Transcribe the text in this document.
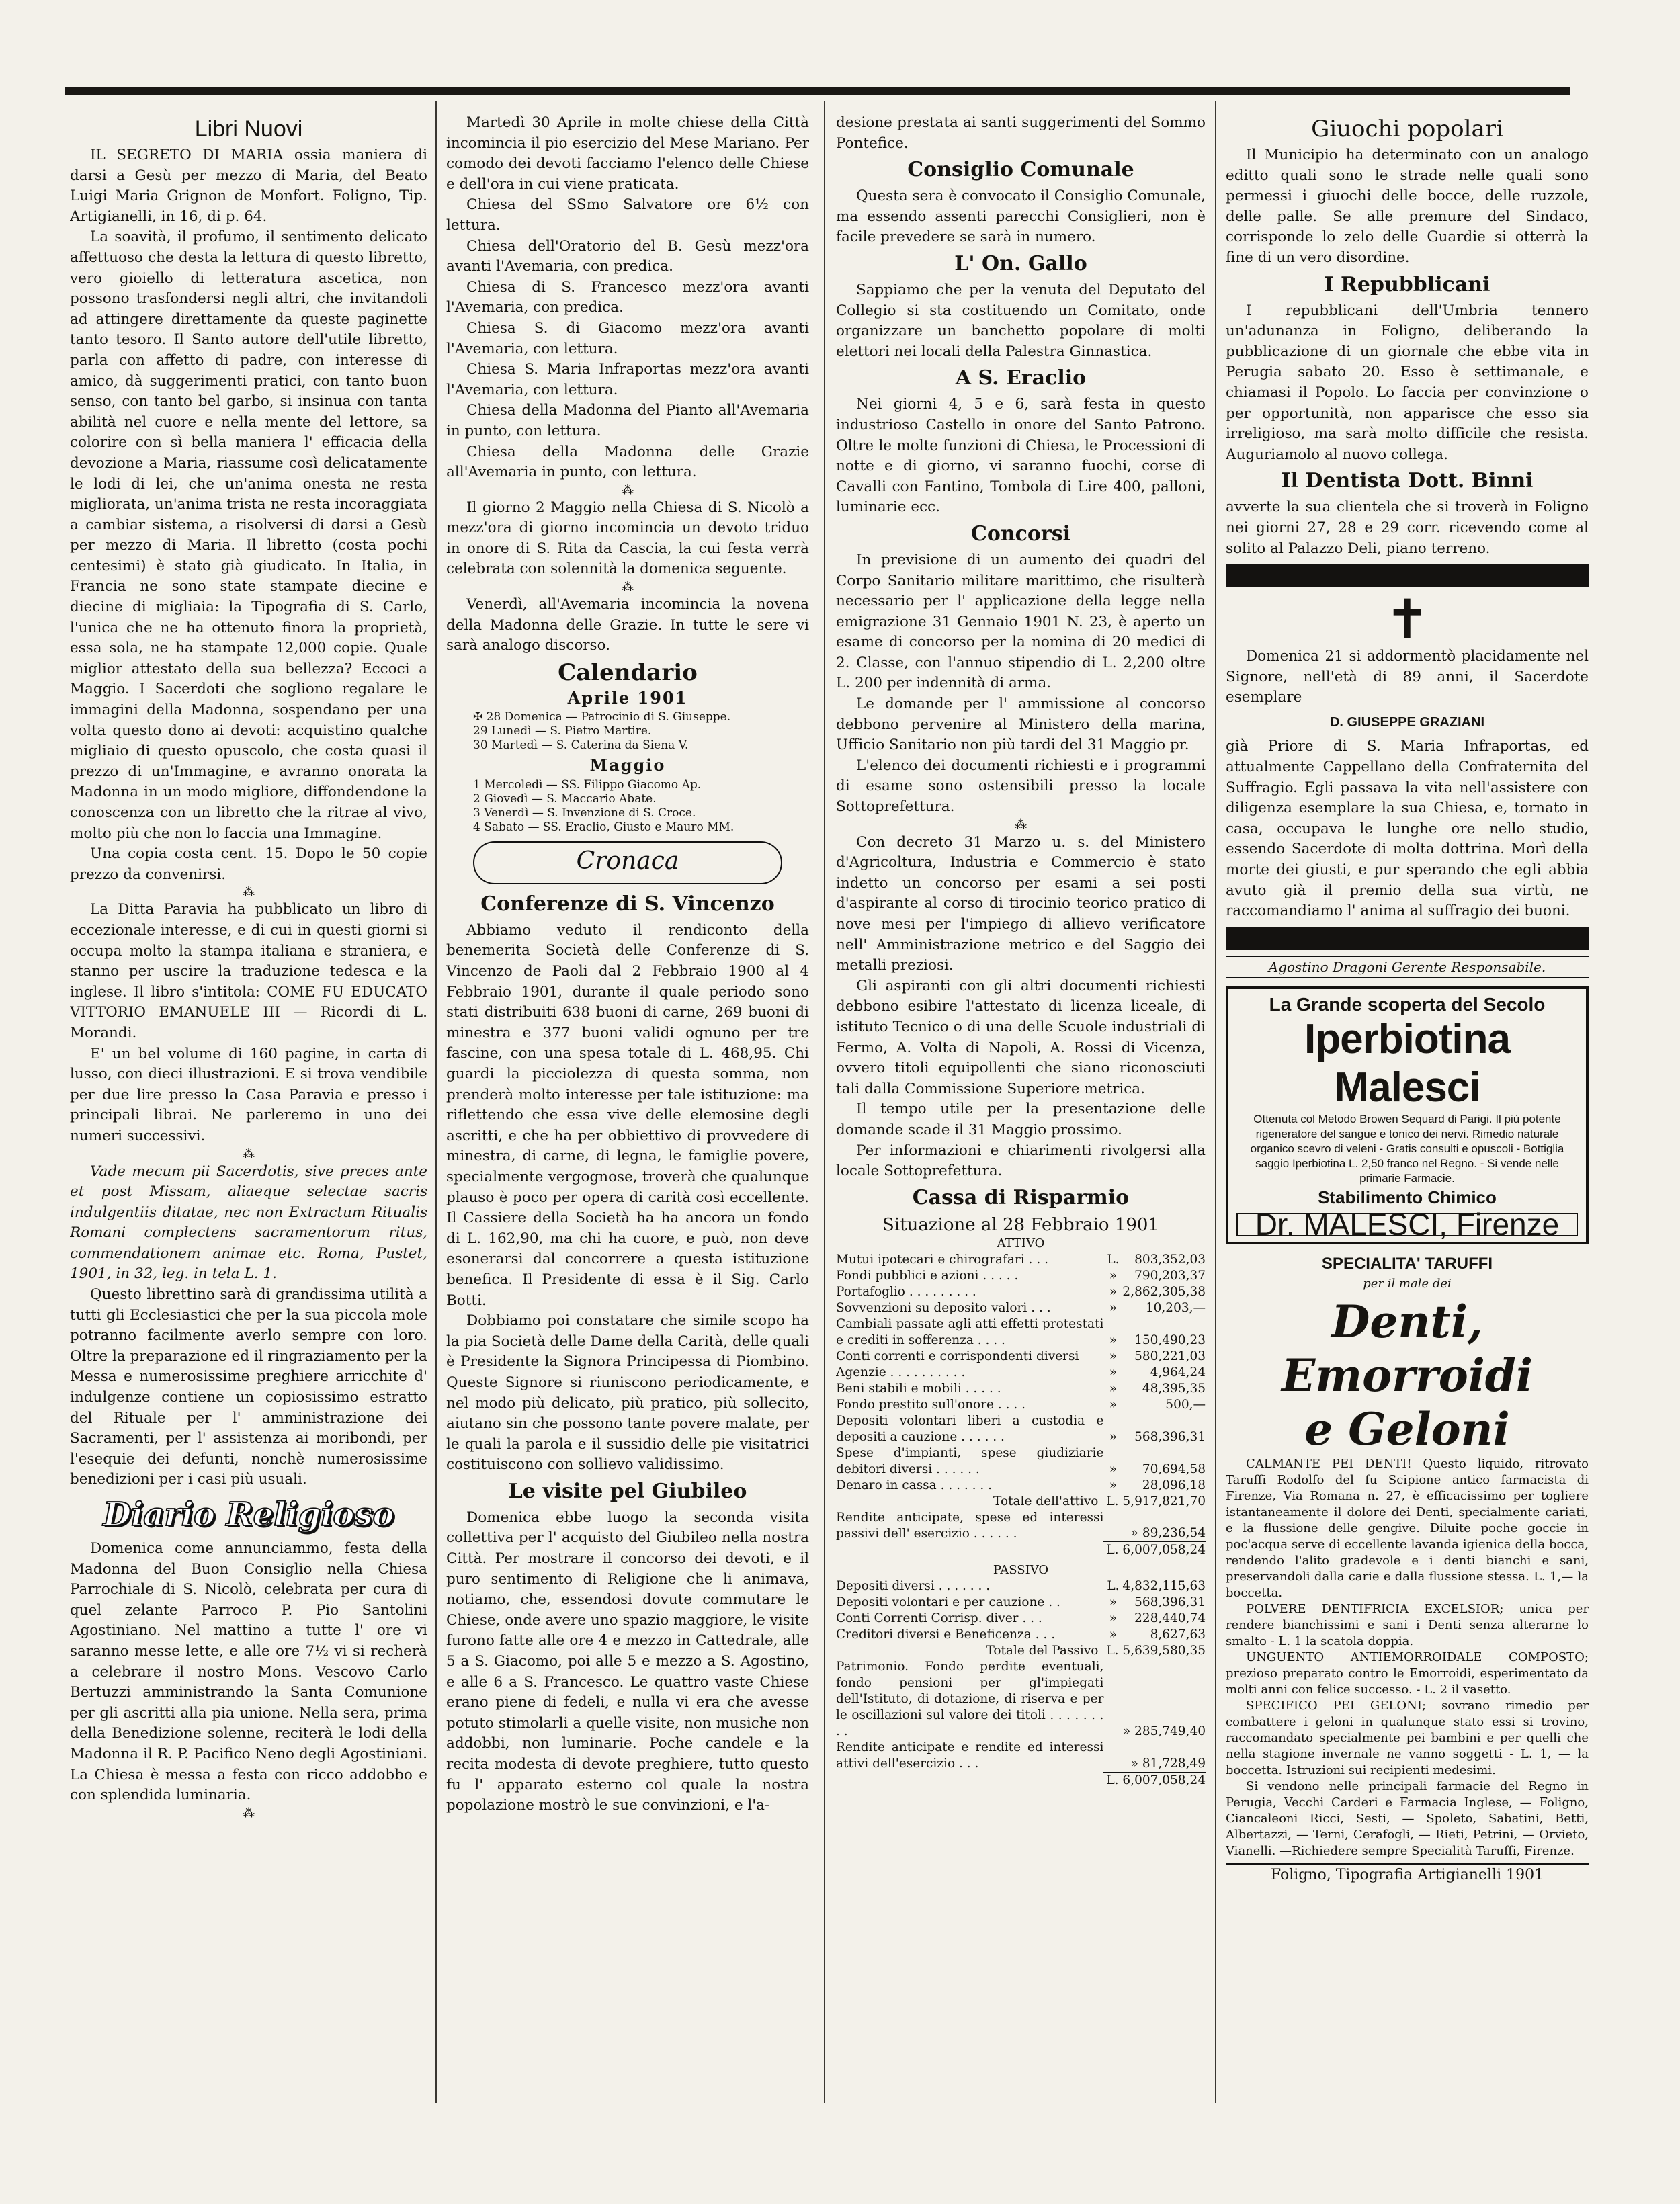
Libri Nuovi

IL SEGRETO DI MARIA ossia maniera di darsi a Gesù per mezzo di Maria, del Beato Luigi Maria Grignon de Monfort. Foligno, Tip. Artigianelli, in 16, di p. 64.

La soavità, il profumo, il sentimento delicato affettuoso che desta la lettura di questo libretto, vero gioiello di letteratura ascetica, non possono trasfondersi negli altri, che invitandoli ad attingere direttamente da queste paginette tanto tesoro. Il Santo autore dell'utile libretto, parla con affetto di padre, con interesse di amico, dà suggerimenti pratici, con tanto buon senso, con tanto bel garbo, si insinua con tanta abilità nel cuore e nella mente del lettore, sa colorire con sì bella maniera l' efficacia della devozione a Maria, riassume così delicatamente le lodi di lei, che un'anima onesta ne resta migliorata, un'anima trista ne resta incoraggiata a cambiar sistema, a risolversi di darsi a Gesù per mezzo di Maria. Il libretto (costa pochi centesimi) è stato già giudicato. In Italia, in Francia ne sono state stampate diecine e diecine di migliaia: la Tipografia di S. Carlo, l'unica che ne ha ottenuto finora la proprietà, essa sola, ne ha stampate 12,000 copie. Quale miglior attestato della sua bellezza? Eccoci a Maggio. I Sacerdoti che sogliono regalare le immagini della Madonna, sospendano per una volta questo dono ai devoti: acquistino qualche migliaio di questo opuscolo, che costa quasi il prezzo di un'Immagine, e avranno onorata la Madonna in un modo migliore, diffondendone la conoscenza con un libretto che la ritrae al vivo, molto più che non lo faccia una Immagine.

Una copia costa cent. 15. Dopo le 50 copie prezzo da convenirsi.

⁂

La Ditta Paravia ha pubblicato un libro di eccezionale interesse, e di cui in questi giorni si occupa molto la stampa italiana e straniera, e stanno per uscire la traduzione tedesca e la inglese. Il libro s'intitola: COME FU EDUCATO VITTORIO EMANUELE III — Ricordi di L. Morandi.

E' un bel volume di 160 pagine, in carta di lusso, con dieci illustrazioni. E si trova vendibile per due lire presso la Casa Paravia e presso i principali librai. Ne parleremo in uno dei numeri successivi.

⁂

Vade mecum pii Sacerdotis, sive preces ante et post Missam, aliaeque selectae sacris indulgentiis ditatae, nec non Extractum Ritualis Romani complectens sacramentorum ritus, commendationem animae etc. Roma, Pustet, 1901, in 32, leg. in tela L. 1.

Questo librettino sarà di grandissima utilità a tutti gli Ecclesiastici che per la sua piccola mole potranno facilmente averlo sempre con loro. Oltre la preparazione ed il ringraziamento per la Messa e numerosissime preghiere arricchite d' indulgenze contiene un copiosissimo estratto del Rituale per l' amministrazione dei Sacramenti, per l' assistenza ai moribondi, per l'esequie dei defunti, nonchè numerosissime benedizioni per i casi più usuali.

Diario Religioso

Domenica come annunciammo, festa della Madonna del Buon Consiglio nella Chiesa Parrochiale di S. Nicolò, celebrata per cura di quel zelante Parroco P. Pio Santolini Agostiniano. Nel mattino a tutte l' ore vi saranno messe lette, e alle ore 7½ vi si recherà a celebrare il nostro Mons. Vescovo Carlo Bertuzzi amministrando la Santa Comunione per gli ascritti alla pia unione. Nella sera, prima della Benedizione solenne, reciterà le lodi della Madonna il R. P. Pacifico Neno degli Agostiniani. La Chiesa è messa a festa con ricco addobbo e con splendida luminaria.

⁂

Martedì 30 Aprile in molte chiese della Città incomincia il pio esercizio del Mese Mariano. Per comodo dei devoti facciamo l'elenco delle Chiese e dell'ora in cui viene praticata.

Chiesa del SSmo Salvatore ore 6½ con lettura.

Chiesa dell'Oratorio del B. Gesù mezz'ora avanti l'Avemaria, con predica.

Chiesa di S. Francesco mezz'ora avanti l'Avemaria, con predica.

Chiesa S. di Giacomo mezz'ora avanti l'Avemaria, con lettura.

Chiesa S. Maria Infraportas mezz'ora avanti l'Avemaria, con lettura.

Chiesa della Madonna del Pianto all'Avemaria in punto, con lettura.

Chiesa della Madonna delle Grazie all'Avemaria in punto, con lettura.

⁂

Il giorno 2 Maggio nella Chiesa di S. Nicolò a mezz'ora di giorno incomincia un devoto triduo in onore di S. Rita da Cascia, la cui festa verrà celebrata con solennità la domenica seguente.

⁂

Venerdì, all'Avemaria incomincia la novena della Madonna delle Grazie. In tutte le sere vi sarà analogo discorso.

Calendario
Aprile 1901
✠ 28 Domenica — Patrocinio di S. Giuseppe.
29 Lunedì — S. Pietro Martire.
30 Martedì — S. Caterina da Siena V.
Maggio
1 Mercoledì — SS. Filippo Giacomo Ap.
2 Giovedì — S. Maccario Abate.
3 Venerdì — S. Invenzione di S. Croce.
4 Sabato — SS. Eraclio, Giusto e Mauro MM.
Cronaca
Conferenze di S. Vincenzo

Abbiamo veduto il rendiconto della benemerita Società delle Conferenze di S. Vincenzo de Paoli dal 2 Febbraio 1900 al 4 Febbraio 1901, durante il quale periodo sono stati distribuiti 638 buoni di carne, 269 buoni di minestra e 377 buoni validi ognuno per tre fascine, con una spesa totale di L. 468,95. Chi guardi la picciolezza di questa somma, non prenderà molto interesse per tale istituzione: ma riflettendo che essa vive delle elemosine degli ascritti, e che ha per obbiettivo di provvedere di minestra, di carne, di legna, le famiglie povere, specialmente vergognose, troverà che qualunque plauso è poco per opera di carità così eccellente. Il Cassiere della Società ha ha ancora un fondo di L. 162,90, ma chi ha cuore, e può, non deve esonerarsi dal concorrere a questa istituzione benefica. Il Presidente di essa è il Sig. Carlo Botti.

Dobbiamo poi constatare che simile scopo ha la pia Società delle Dame della Carità, delle quali è Presidente la Signora Principessa di Piombino. Queste Signore si riuniscono periodicamente, e nel modo più delicato, più pratico, più sollecito, aiutano sin che possono tante povere malate, per le quali la parola e il sussidio delle pie visitatrici costituiscono con sollievo validissimo.

Le visite pel Giubileo

Domenica ebbe luogo la seconda visita collettiva per l' acquisto del Giubileo nella nostra Città. Per mostrare il concorso dei devoti, e il puro sentimento di Religione che li animava, notiamo, che, essendosi dovute commutare le Chiese, onde avere uno spazio maggiore, le visite furono fatte alle ore 4 e mezzo in Cattedrale, alle 5 a S. Giacomo, poi alle 5 e mezzo a S. Agostino, e alle 6 a S. Francesco. Le quattro vaste Chiese erano piene di fedeli, e nulla vi era che avesse potuto stimolarli a quelle visite, non musiche non addobbi, non luminarie. Poche candele e la recita modesta di devote preghiere, tutto questo fu l' apparato esterno col quale la nostra popolazione mostrò le sue convinzioni, e l'a-

desione prestata ai santi suggerimenti del Sommo Pontefice.

Consiglio Comunale

Questa sera è convocato il Consiglio Comunale, ma essendo assenti parecchi Consiglieri, non è facile prevedere se sarà in numero.

L' On. Gallo

Sappiamo che per la venuta del Deputato del Collegio si sta costituendo un Comitato, onde organizzare un banchetto popolare di molti elettori nei locali della Palestra Ginnastica.

A S. Eraclio

Nei giorni 4, 5 e 6, sarà festa in questo industrioso Castello in onore del Santo Patrono. Oltre le molte funzioni di Chiesa, le Processioni di notte e di giorno, vi saranno fuochi, corse di Cavalli con Fantino, Tombola di Lire 400, palloni, luminarie ecc.

Concorsi

In previsione di un aumento dei quadri del Corpo Sanitario militare marittimo, che risulterà necessario per l' applicazione della legge nella emigrazione 31 Gennaio 1901 N. 23, è aperto un esame di concorso per la nomina di 20 medici di 2. Classe, con l'annuo stipendio di L. 2,200 oltre L. 200 per indennità di arma.

Le domande per l' ammissione al concorso debbono pervenire al Ministero della marina, Ufficio Sanitario non più tardi del 31 Maggio pr.

L'elenco dei documenti richiesti e i programmi di esame sono ostensibili presso la locale Sottoprefettura.

⁂

Con decreto 31 Marzo u. s. del Ministero d'Agricoltura, Industria e Commercio è stato indetto un concorso per esami a sei posti d'aspirante al corso di tirocinio teorico pratico di nove mesi per l'impiego di allievo verificatore nell' Amministrazione metrico e del Saggio dei metalli preziosi.

Gli aspiranti con gli altri documenti richiesti debbono esibire l'attestato di licenza liceale, di istituto Tecnico o di una delle Scuole industriali di Fermo, A. Volta di Napoli, A. Rossi di Vicenza, ovvero titoli equipollenti che siano riconosciuti tali dalla Commissione Superiore metrica.

Il tempo utile per la presentazione delle domande scade il 31 Maggio prossimo.

Per informazioni e chiarimenti rivolgersi alla locale Sottoprefettura.

Cassa di Risparmio
Situazione al 28 Febbraio 1901
ATTIVO
Mutui ipotecari e chirografari . . .	L.	803,352,03
Fondi pubblici e azioni . . . . .	»	790,203,37
Portafoglio . . . . . . . . .	»	2,862,305,38
Sovvenzioni su deposito valori . . .	»	10,203,—
Cambiali passate agli atti effetti protestati e crediti in sofferenza . . . .	»	150,490,23
Conti correnti e corrispondenti diversi	»	580,221,03
Agenzie . . . . . . . . . .	»	4,964,24
Beni stabili e mobili . . . . .	»	48,395,35
Fondo prestito sull'onore . . . .	»	500,—
Depositi volontari liberi a custodia e depositi a cauzione . . . . . .	»	568,396,31
Spese d'impianti, spese giudiziarie debitori diversi . . . . . .	»	70,694,58
Denaro in cassa . . . . . . .	»	28,096,18
Totale dell'attivo	L. 5,917,821,70	
Rendite anticipate, spese ed interessi passivi dell' esercizio . . . . . .	» 89,236,54	
	L. 6,007,058,24	
PASSIVO
Depositi diversi . . . . . . .	L.	4,832,115,63
Depositi volontari e per cauzione . .	»	568,396,31
Conti Correnti Corrisp. diver . . .	»	228,440,74
Creditori diversi e Beneficenza . . .	»	8,627,63
Totale del Passivo	L. 5,639,580,35	
Patrimonio. Fondo perdite eventuali, fondo pensioni per gl'impiegati dell'Istituto, di dotazione, di riserva e per le oscillazioni sul valore dei titoli . . . . . . . . .	» 285,749,40	
Rendite anticipate e rendite ed interessi attivi dell'esercizio . . .	» 81,728,49	
	L. 6,007,058,24	
Giuochi popolari

Il Municipio ha determinato con un analogo editto quali sono le strade nelle quali sono permessi i giuochi delle bocce, delle ruzzole, delle palle. Se alle premure del Sindaco, corrisponde lo zelo delle Guardie si otterrà la fine di un vero disordine.

I Repubblicani

I repubblicani dell'Umbria tennero un'adunanza in Foligno, deliberando la pubblicazione di un giornale che ebbe vita in Perugia sabato 20. Esso è settimanale, e chiamasi il Popolo. Lo faccia per convinzione o per opportunità, non apparisce che esso sia irreligioso, ma sarà molto difficile che resista. Auguriamolo al nuovo collega.

Il Dentista Dott. Binni

avverte la sua clientela che si troverà in Foligno nei giorni 27, 28 e 29 corr. ricevendo come al solito al Palazzo Deli, piano terreno.

✝

Domenica 21 si addormentò placidamente nel Signore, nell'età di 89 anni, il Sacerdote esemplare

D. GIUSEPPE GRAZIANI

già Priore di S. Maria Infraportas, ed attualmente Cappellano della Confraternita del Suffragio. Egli passava la vita nell'assistere con diligenza esemplare la sua Chiesa, e, tornato in casa, occupava le lunghe ore nello studio, essendo Sacerdote di molta dottrina. Morì della morte dei giusti, e pur sperando che egli abbia avuto già il premio della sua virtù, ne raccomandiamo l' anima al suffragio dei buoni.

Agostino Dragoni Gerente Responsabile.
La Grande scoperta del Secolo
Iperbiotina Malesci
Ottenuta col Metodo Browen Sequard di Parigi. Il più potente rigeneratore del sangue e tonico dei nervi. Rimedio naturale organico scevro di veleni - Gratis consulti e opuscoli - Bottiglia saggio Iperbiotina L. 2,50 franco nel Regno. - Si vende nelle primarie Farmacie.
Stabilimento Chimico
Dr. MALESCI, Firenze
SPECIALITA' TARUFFI
per il male dei
Denti, Emorroidi
e Geloni

CALMANTE PEI DENTI! Questo liquido, ritrovato Taruffi Rodolfo del fu Scipione antico farmacista di Firenze, Via Romana n. 27, è efficacissimo per togliere istantaneamente il dolore dei Denti, specialmente cariati, e la flussione delle gengive. Diluite poche goccie in poc'acqua serve di eccellente lavanda igienica della bocca, rendendo l'alito gradevole e i denti bianchi e sani, preservandoli dalla carie e dalla flussione stessa. L. 1,— la boccetta.

POLVERE DENTIFRICIA EXCELSIOR; unica per rendere bianchissimi e sani i Denti senza alterarne lo smalto - L. 1 la scatola doppia.

UNGUENTO ANTIEMORROIDALE COMPOSTO; prezioso preparato contro le Emorroidi, esperimentato da molti anni con felice successo. - L. 2 il vasetto.

SPECIFICO PEI GELONI; sovrano rimedio per combattere i geloni in qualunque stato essi si trovino, raccomandato specialmente pei bambini e per quelli che nella stagione invernale ne vanno soggetti - L. 1, — la boccetta. Istruzioni sui recipienti medesimi.

Si vendono nelle principali farmacie del Regno in Perugia, Vecchi Carderi e Farmacia Inglese, — Foligno, Ciancaleoni Ricci, Sesti, — Spoleto, Sabatini, Betti, Albertazzi, — Terni, Cerafogli, — Rieti, Petrini, — Orvieto, Vianelli. —Richiedere sempre Specialità Taruffi, Firenze.

Foligno, Tipografia Artigianelli 1901
